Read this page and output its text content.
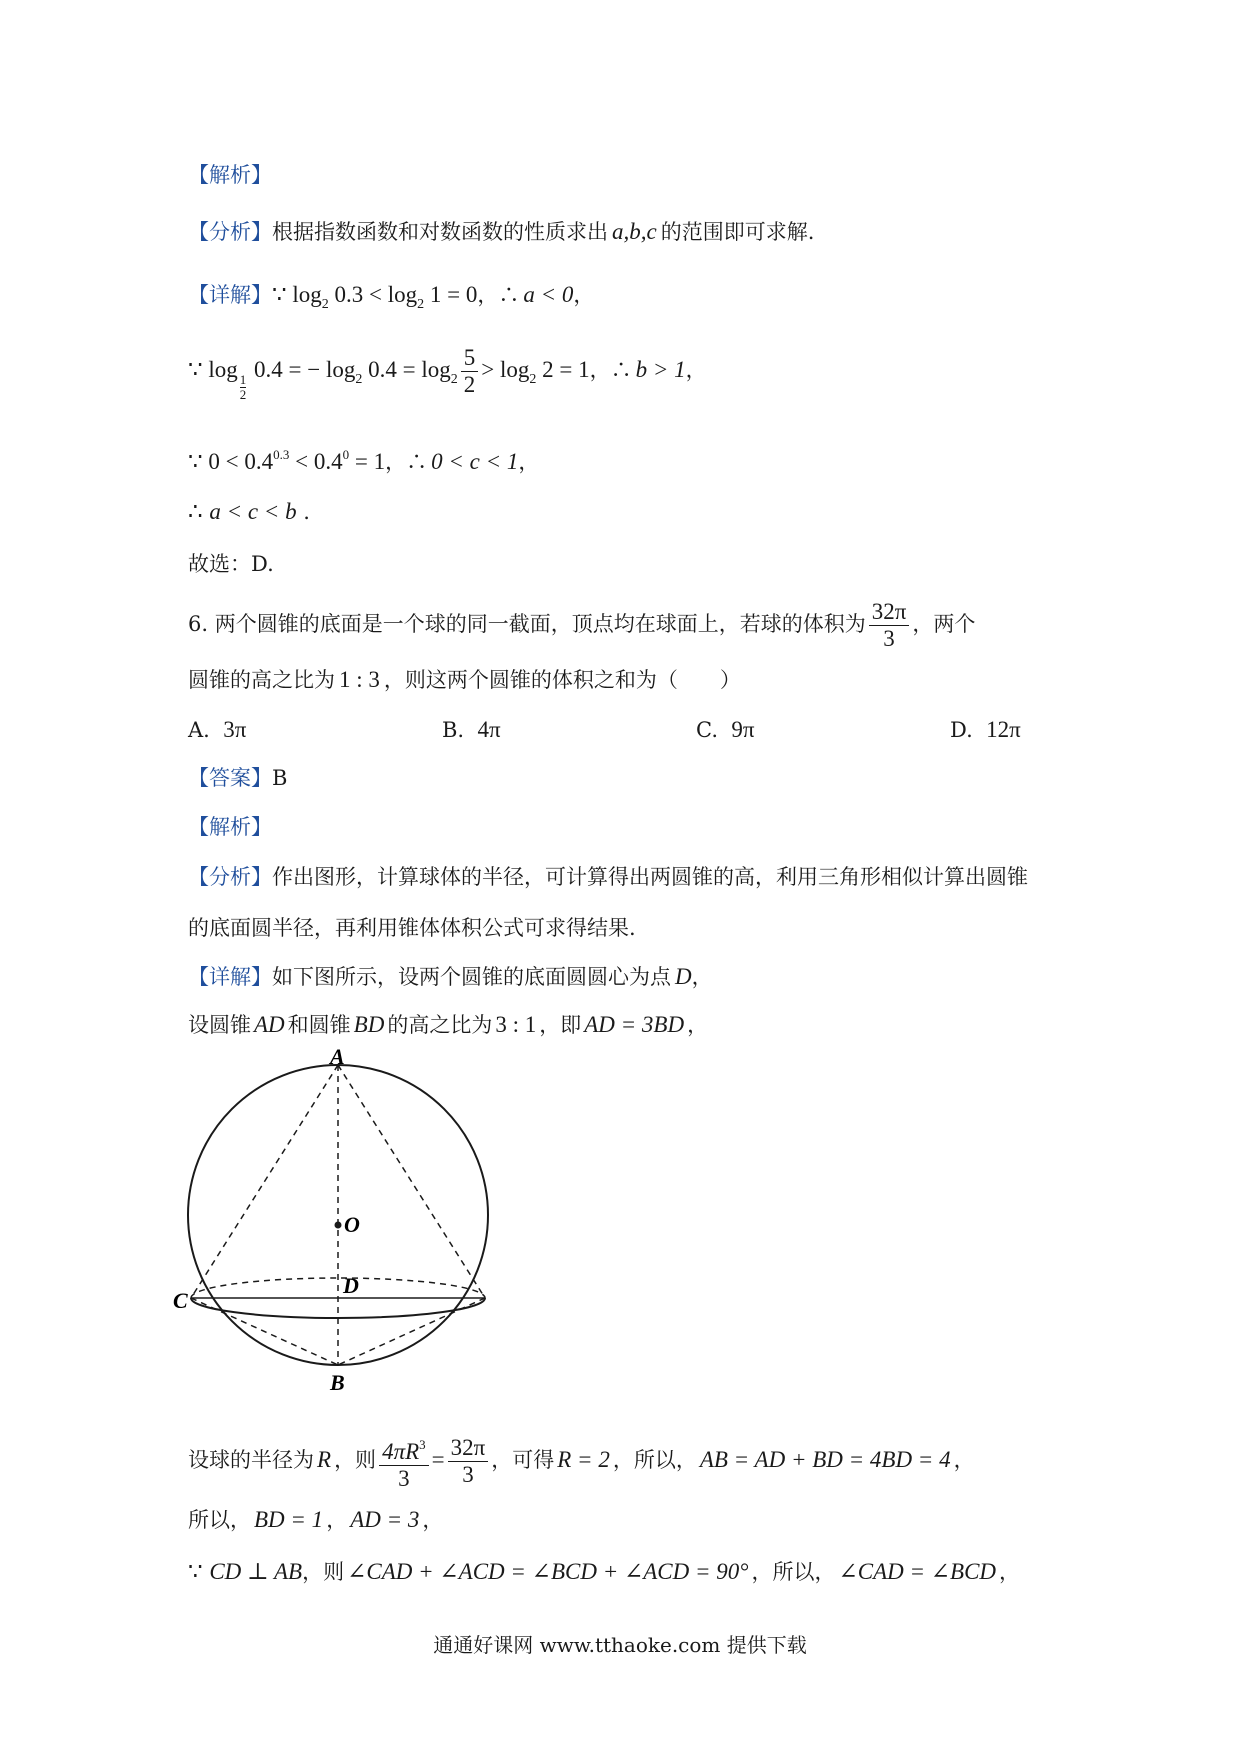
【解析】
【分析】根据指数函数和对数函数的性质求出 a,b,c 的范围即可求解.
【详解】∵ $\log_2 0.3 < \log_2 1 = 0$，∴ a < 0，
∵ log
$\frac{1}{2}$
0.4 = − $\log_2 0.4 = \log_2 \frac{5}{2} > \log_2 2 = 1$，∴ b > 1，
∵ $0 < 0.4^{0.3} < 0.4^0 = 1$，∴ 0 < c < 1，
∴ a < c < b .
故选：D.
6. 两个圆锥的底面是一个球的同一截面，顶点均在球面上，若球的体积为 $\frac{32\pi}{3}$ ，两个
圆锥的高之比为 1 : 3 ，则这两个圆锥的体积之和为（　　）
A. 3π	B. 4π	C. 9π	D. 12π
【答案】B
【解析】
【分析】作出图形，计算球体的半径，可计算得出两圆锥的高，利用三角形相似计算出圆锥
的底面圆半径，再利用锥体体积公式可求得结果.
【详解】如下图所示，设两个圆锥的底面圆圆心为点 D，
设圆锥 AD 和圆锥 BD 的高之比为 3 : 1 ，即 AD = 3BD ，
A
O
D
C
B
设球的半径为 R ，则 $\frac{4\pi R^3}{3} = \frac{32\pi}{3}$ ，可得 R = 2 ，所以， AB = AD + BD = 4BD = 4 ，
所以， BD = 1 ， AD = 3 ，
∵ CD ⊥ AB，则 ∠CAD + ∠ACD = ∠BCD + ∠ACD = 90° ，所以， ∠CAD = ∠BCD ，
通通好课网 www.tthaoke.com 提供下载
